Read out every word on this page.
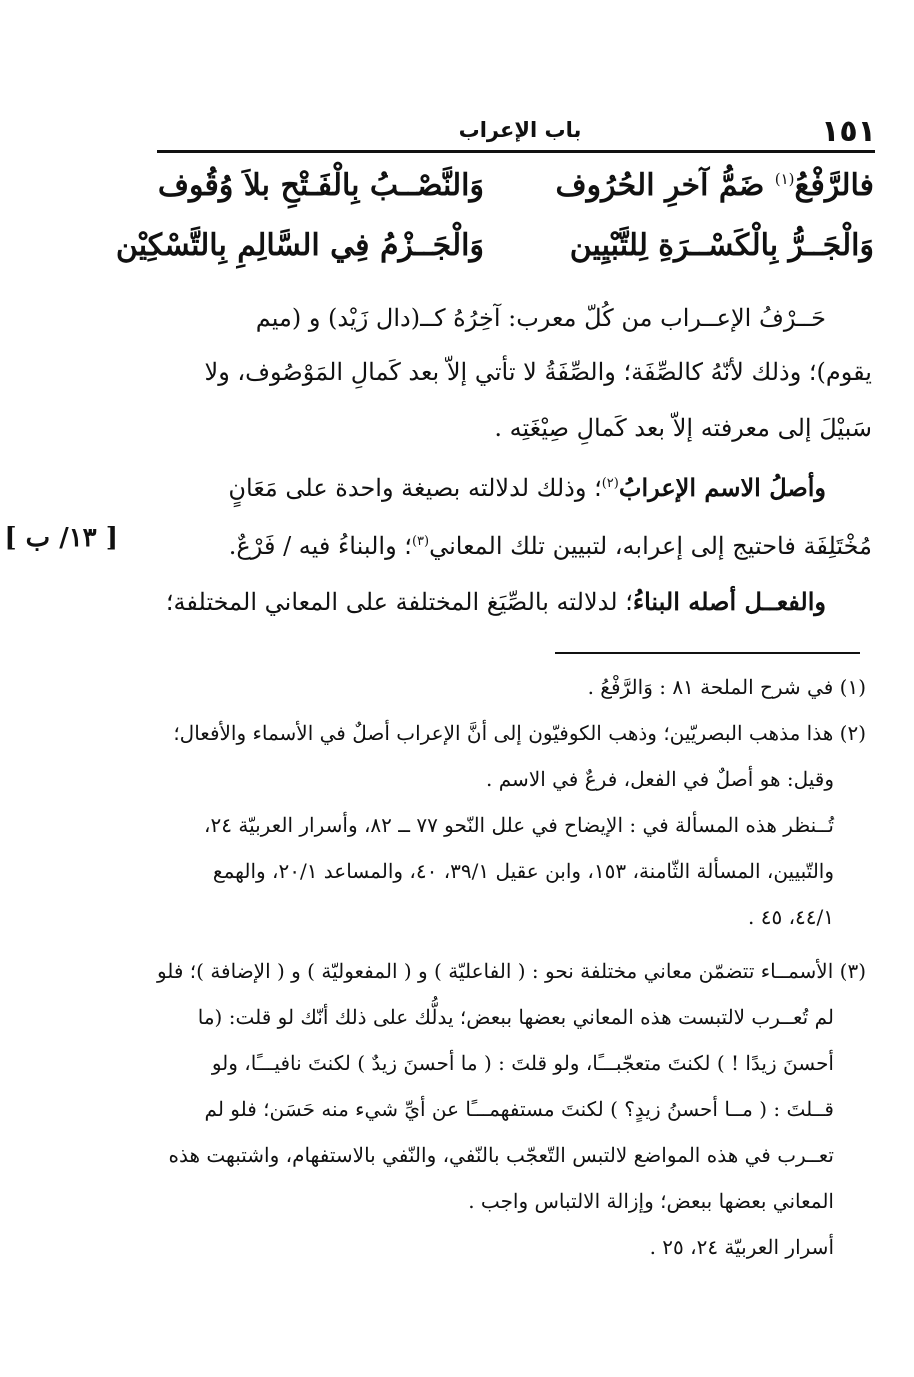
باب الإعراب	١٥١
فالرَّفْعُ$^{(١)}$ ضَمُّ آخرِ الحُرُوف
وَالنَّصْــبُ بِالْفَـتْحِ بلاَ وُقُوف
وَالْجَــرُّ بِالْكَسْــرَةِ لِلتَّبْيِين
وَالْجَــزْمُ فِي السَّالِمِ بِالتَّسْكِيْن
حَــرْفُ الإعــراب من كُلّ معرب: آخِرُهُ كــ(دال زَيْد) و (ميم
يقوم)؛ وذلك لأنّهُ كالصِّفَة؛ والصِّفَةُ لا تأتي إلاّ بعد كَمالِ المَوْصُوف، ولا
سَبيْلَ إلى معرفته إلاّ بعد كَمالِ صِيْغَتِه .
وأصلُ الاسم الإعرابُ$^{(٢)}$؛ وذلك لدلالته بصيغة واحدة على مَعَانٍ
مُخْتَلِفَة فاحتيج إلى إعرابه، لتبيين تلك المعاني$^{(٣)}$؛ والبناءُ فيه / فَرْعٌ.
والفعــل أصله البناءُ؛ لدلالته بالصِّيَغ المختلفة على المعاني المختلفة؛
[ ١٣/ ب ]
(١) في شرح الملحة ٨١ : وَالرَّفْعُ .
(٢) هذا مذهب البصريّين؛ وذهب الكوفيّون إلى أنَّ الإعراب أصلٌ في الأسماء والأفعال؛
وقيل: هو أصلٌ في الفعل، فرعٌ في الاسم .
تُــنظر هذه المسألة في : الإيضاح في علل النّحو ٧٧ ــ ٨٢، وأسرار العربيّة ٢٤،
والتّبيين، المسألة الثّامنة، ١٥٣، وابن عقيل ٣٩/١، ٤٠، والمساعد ٢٠/١، والهمع
٤٤/١، ٤٥ .
(٣) الأسمــاء تتضمّن معاني مختلفة نحو : ( الفاعليّة ) و ( المفعوليّة ) و ( الإضافة )؛ فلو
لم تُعــرب لالتبست هذه المعاني بعضها ببعض؛ يدلُّك على ذلك أنّك لو قلت: (ما
أحسنَ زيدًا ! ) لكنتَ متعجّبـــًا، ولو قلتَ : ( ما أحسنَ زيدٌ ) لكنتَ نافيـــًا، ولو
قــلتَ : ( مــا أحسنُ زيدٍ؟ ) لكنتَ مستفهمـــًا عن أيِّ شيء منه حَسَن؛ فلو لم
تعــرب في هذه المواضع لالتبس التّعجّب بالنّفي، والنّفي بالاستفهام، واشتبهت هذه
المعاني بعضها ببعض؛ وإزالة الالتباس واجب .
أسرار العربيّة ٢٤، ٢٥ .
